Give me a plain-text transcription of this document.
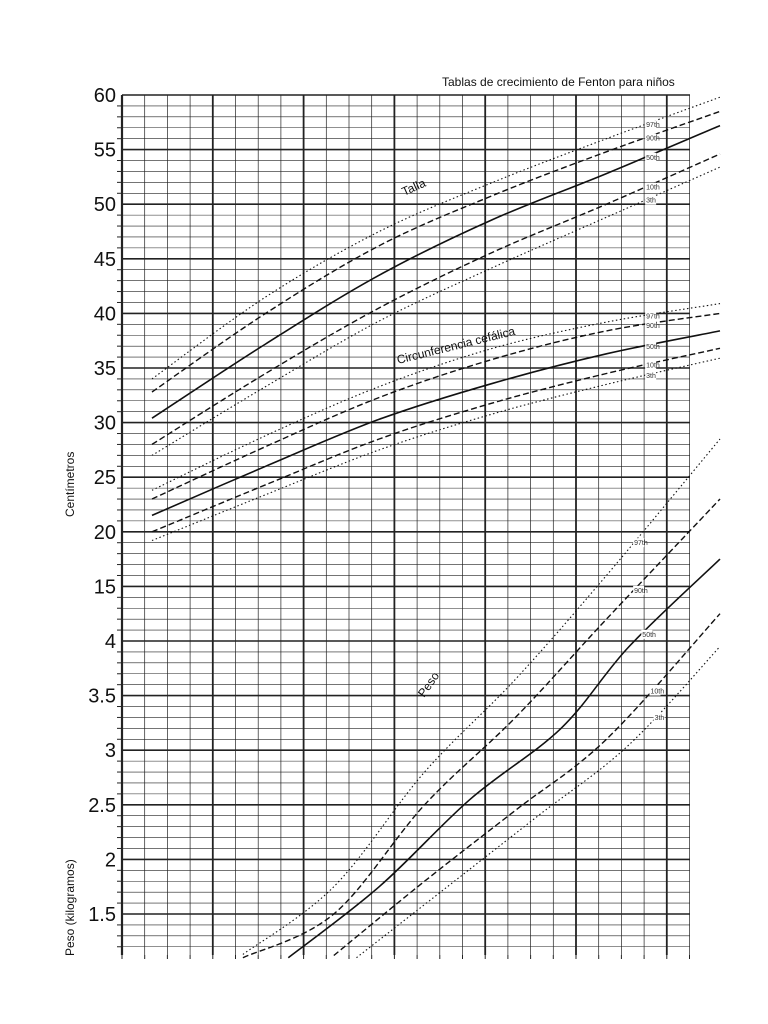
60
55
50
45
40
35
30
25
20
15
4
3.5
3
2.5
2
1.5
97th
90th
50th
10th
3th
97th
90th
50th
10th
3th
97th
90th
50th
10th
3th
Tablas de crecimiento de Fenton para niños
Centímetros
Peso (kilogramos)
Talla
Circunferencia cefálica
Peso
